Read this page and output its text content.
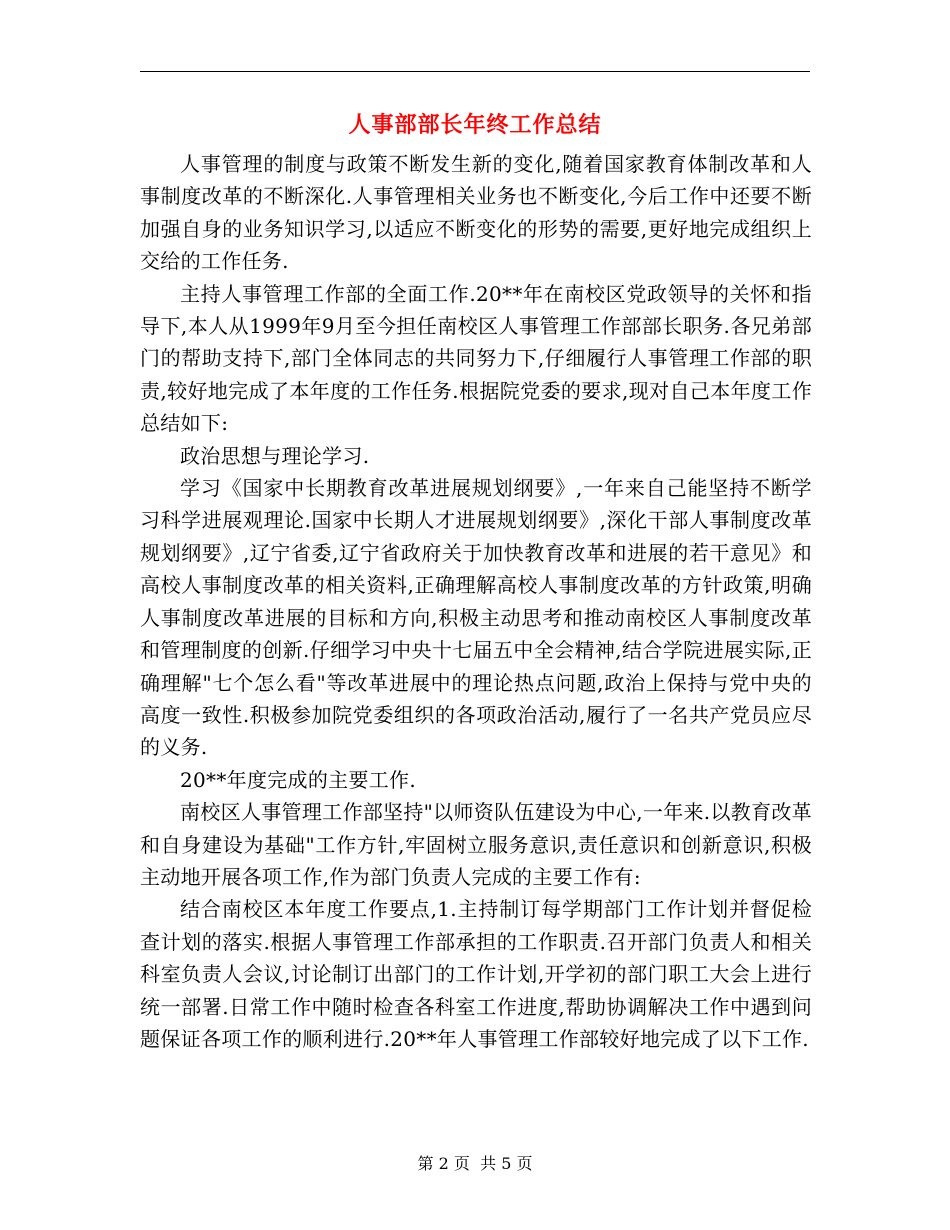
人事部部长年终工作总结

人事管理的制度与政策不断发生新的变化,随着国家教育体制改革和人事制度改革的不断深化.人事管理相关业务也不断变化,今后工作中还要不断加强自身的业务知识学习,以适应不断变化的形势的需要,更好地完成组织上交给的工作任务.

主持人事管理工作部的全面工作.20**年在南校区党政领导的关怀和指导下,本人从1999年9月至今担任南校区人事管理工作部部长职务.各兄弟部门的帮助支持下,部门全体同志的共同努力下,仔细履行人事管理工作部的职责,较好地完成了本年度的工作任务.根据院党委的要求,现对自己本年度工作总结如下:

政治思想与理论学习.

学习《国家中长期教育改革进展规划纲要》,一年来自己能坚持不断学习科学进展观理论.国家中长期人才进展规划纲要》,深化干部人事制度改革规划纲要》,辽宁省委,辽宁省政府关于加快教育改革和进展的若干意见》和高校人事制度改革的相关资料,正确理解高校人事制度改革的方针政策,明确人事制度改革进展的目标和方向,积极主动思考和推动南校区人事制度改革和管理制度的创新.仔细学习中央十七届五中全会精神,结合学院进展实际,正确理解"七个怎么看"等改革进展中的理论热点问题,政治上保持与党中央的高度一致性.积极参加院党委组织的各项政治活动,履行了一名共产党员应尽的义务.

20**年度完成的主要工作.

南校区人事管理工作部坚持"以师资队伍建设为中心,一年来.以教育改革和自身建设为基础"工作方针,牢固树立服务意识,责任意识和创新意识,积极主动地开展各项工作,作为部门负责人完成的主要工作有:

结合南校区本年度工作要点,1.主持制订每学期部门工作计划并督促检查计划的落实.根据人事管理工作部承担的工作职责.召开部门负责人和相关科室负责人会议,讨论制订出部门的工作计划,开学初的部门职工大会上进行统一部署.日常工作中随时检查各科室工作进度,帮助协调解决工作中遇到问题保证各项工作的顺利进行.20**年人事管理工作部较好地完成了以下工作.

第 2 页  共 5 页
